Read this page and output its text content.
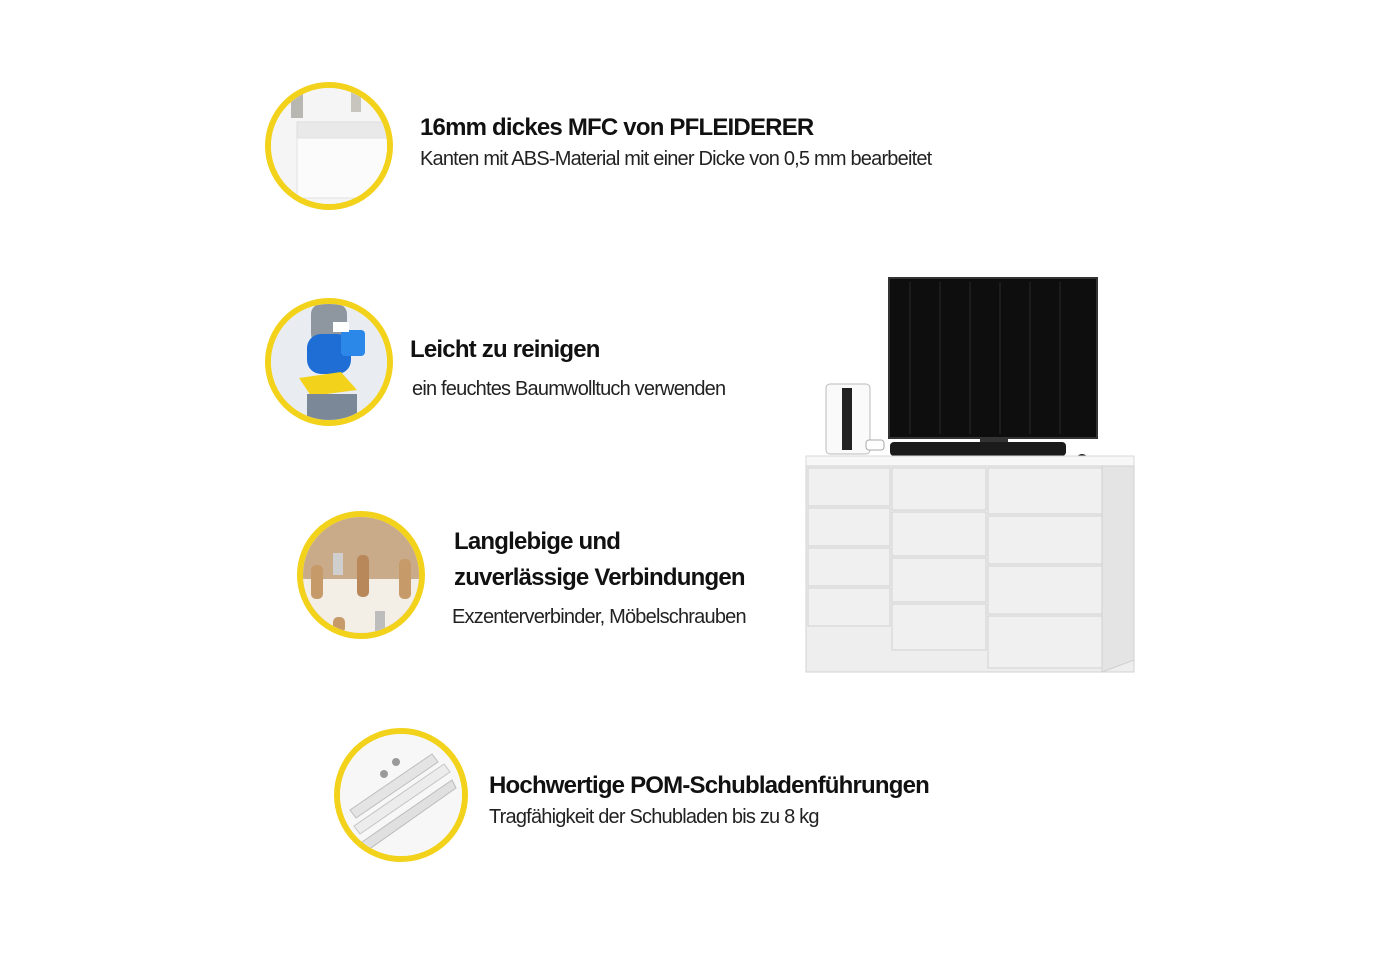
16mm dickes MFC von PFLEIDERER
Kanten mit ABS-Material mit einer Dicke von 0,5 mm bearbeitet
Leicht zu reinigen
ein feuchtes Baumwolltuch verwenden
Langlebige und
zuverlässige Verbindungen
Exzenterverbinder, Möbelschrauben
Hochwertige POM-Schubladenführungen
Tragfähigkeit der Schubladen bis zu 8 kg
